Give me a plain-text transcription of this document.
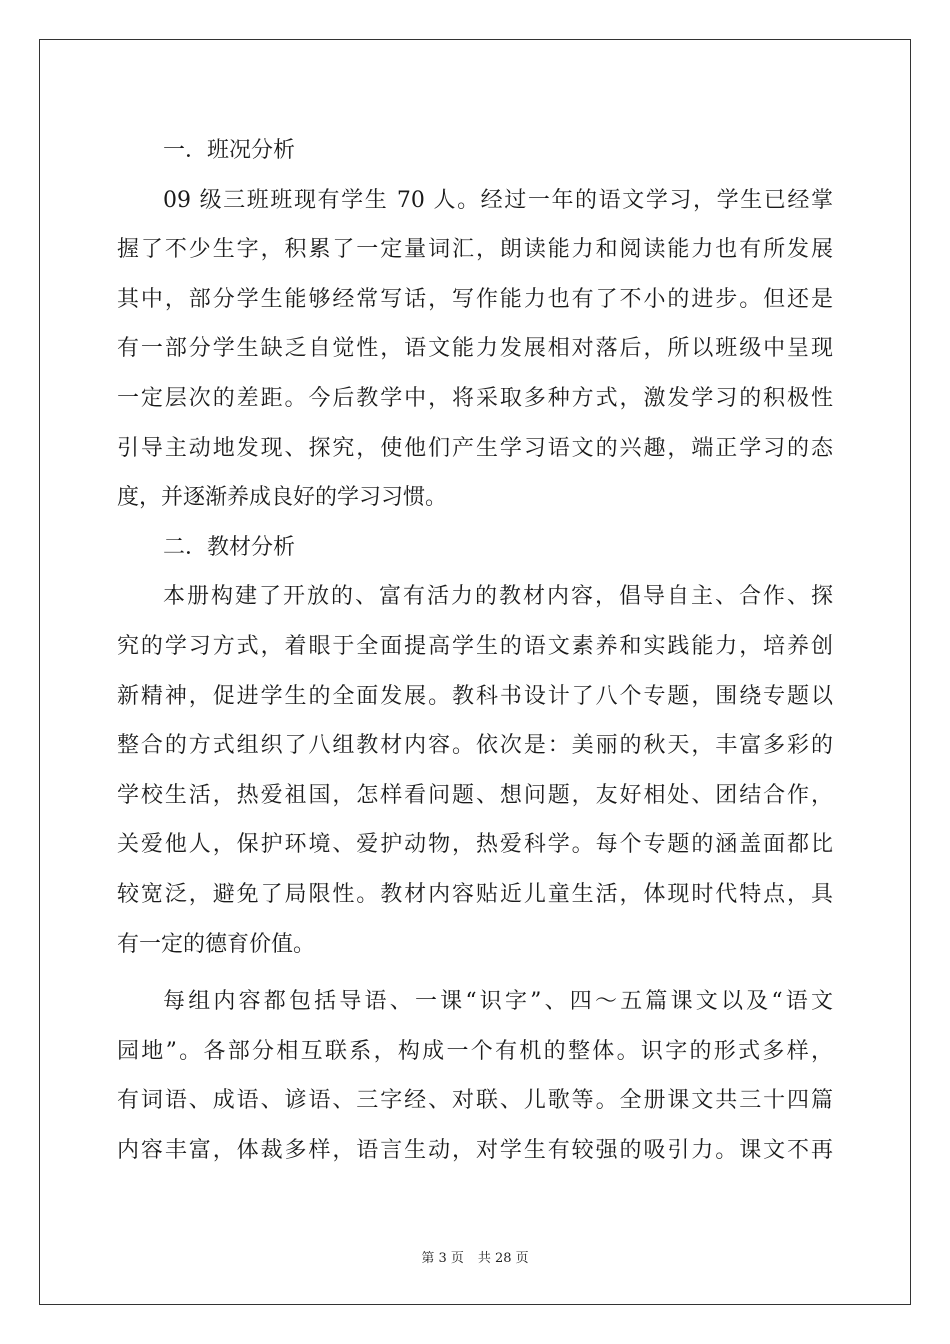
一．班况分析
09 级三班班现有学生 70 人。经过一年的语文学习，学生已经掌
握了不少生字，积累了一定量词汇，朗读能力和阅读能力也有所发展
其中，部分学生能够经常写话，写作能力也有了不小的进步。但还是
有一部分学生缺乏自觉性，语文能力发展相对落后，所以班级中呈现
一定层次的差距。今后教学中，将采取多种方式，激发学习的积极性
引导主动地发现、探究，使他们产生学习语文的兴趣，端正学习的态
度，并逐渐养成良好的学习习惯。
二．教材分析
本册构建了开放的、富有活力的教材内容，倡导自主、合作、探
究的学习方式，着眼于全面提高学生的语文素养和实践能力，培养创
新精神，促进学生的全面发展。教科书设计了八个专题，围绕专题以
整合的方式组织了八组教材内容。依次是：美丽的秋天，丰富多彩的
学校生活，热爱祖国，怎样看问题、想问题，友好相处、团结合作，
关爱他人，保护环境、爱护动物，热爱科学。每个专题的涵盖面都比
较宽泛，避免了局限性。教材内容贴近儿童生活，体现时代特点，具
有一定的德育价值。
每组内容都包括导语、一课“识字”、四～五篇课文以及“语文
园地”。各部分相互联系，构成一个有机的整体。识字的形式多样，
有词语、成语、谚语、三字经、对联、儿歌等。全册课文共三十四篇
内容丰富，体裁多样，语言生动，对学生有较强的吸引力。课文不再
第 3 页 共 28 页
